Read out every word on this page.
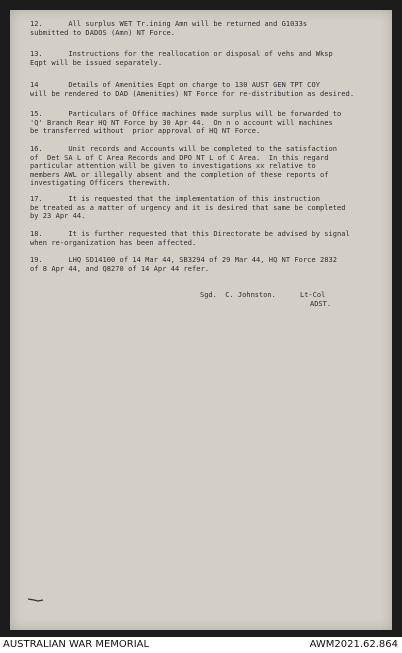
12.      All surplus WET Tr.ining Amn will be returned and G1033s
submitted to DADOS (Amn) NT Force.
13.      Instructions for the reallocation or disposal of vehs and Wksp
Eqpt will be issued separately.
14       Details of Amenities Eqpt on charge to 130 AUST GEN TPT COY
will be rendered to DAD (Amenities) NT Force for re-distribution as desired.
15.      Particulars of Office machines made surplus will be forwarded to
'Q' Branch Rear HQ NT Force by 30 Apr 44.  On n o account will machines
be transferred without  prior approval of HQ NT Force.
16.      Unit records and Accounts will be completed to the satisfaction
of  Det SA L of C Area Records and DPO NT L of C Area.  In this regard
particular attention will be given to investigations xx relative to
members AWL or illegally absent and the completion of these reports of
investigating Officers therewith.
17.      It is requested that the implementation of this instruction
be treated as a matter of urgency and it is desired that same be completed
by 23 Apr 44.
18.      It is further requested that this Directorate be advised by signal
when re-organization has been affected.
19.      LHQ SD14100 of 14 Mar 44, SB3294 of 29 Mar 44, HQ NT Force 2832
of 8 Apr 44, and Q8270 of 14 Apr 44 refer.
Sgd.  C. Johnston.	Lt-Col
ADST.
AUSTRALIAN WAR MEMORIAL	AWM2021.62.864
